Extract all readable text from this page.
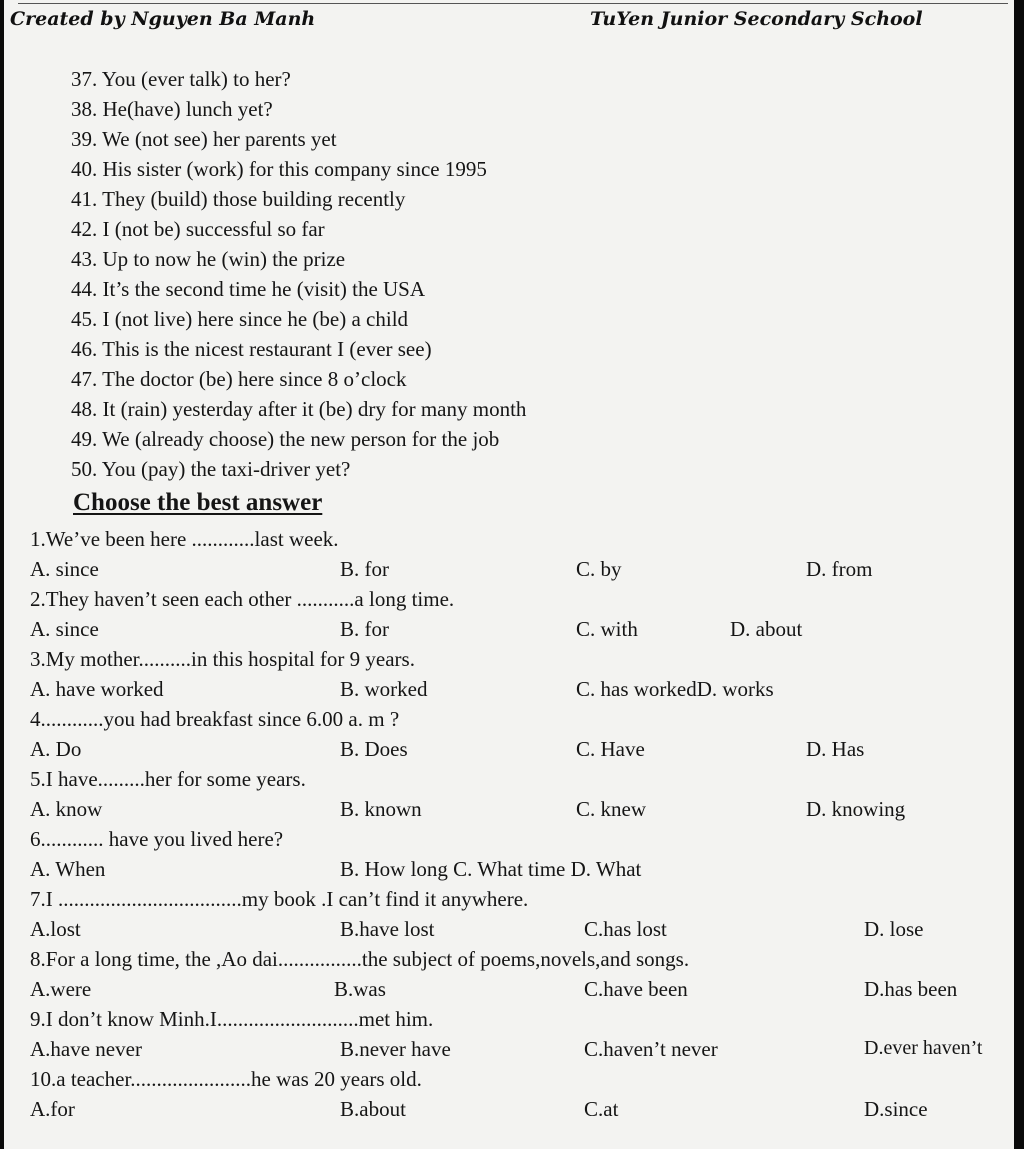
Created by Nguyen Ba Manh	TuYen Junior Secondary School
37. You (ever talk) to her?
38. He(have) lunch yet?
39. We (not see) her parents yet
40. His sister (work) for this company since 1995
41. They (build) those building recently
42. I (not be) successful so far
43. Up to now he (win) the prize
44. It’s the second time he (visit) the USA
45. I (not live) here since he (be) a child
46. This is the nicest restaurant I (ever see)
47. The doctor (be) here since 8 o’clock
48. It (rain) yesterday after it (be) dry for many month
49. We (already choose) the new person for the job
50. You (pay) the taxi-driver yet?
Choose the best answer
1.We’ve been here ............last week.
A. since	B. for	C. by	D. from
2.They haven’t seen each other ...........a long time.
A. since	B. for	C. with	D. about
3.My mother..........in this hospital for 9 years.
A. have worked	B. worked	C. has workedD. works
4............you had breakfast since 6.00 a. m ?
A. Do	B. Does	C. Have	D. Has
5.I have.........her for some years.
A. know	B. known	C. knew	D. knowing
6............ have you lived here?
A. When	B. How long C. What time D. What
7.I ...................................my book .I can’t find it anywhere.
A.lost	B.have lost	C.has lost	D. lose
8.For a long time, the ,Ao dai................the subject of poems,novels,and songs.
A.were	B.was	C.have been	D.has been
9.I don’t know Minh.I...........................met him.
A.have never	B.never have	C.haven’t never	D.ever haven’t
10.a teacher.......................he was 20 years old.
A.for	B.about	C.at	D.since
